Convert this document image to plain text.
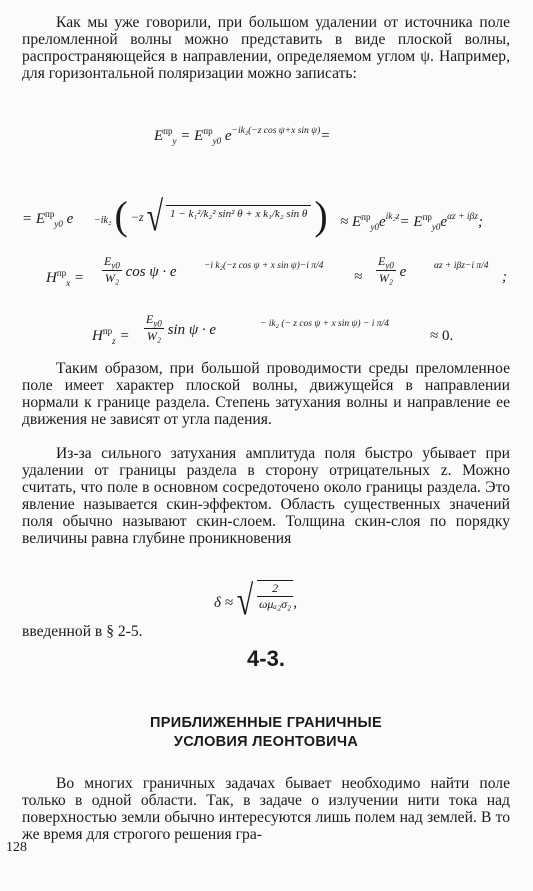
Как мы уже говорили, при большом удалении от источника поле преломленной волны можно представить в виде плоской волны, распространяющейся в направлении, определяемом углом ψ. Например, для горизонтальной поляризации можно записать:

$E^{пр}_y = E^{пр}_{y0}$ $e^{-ik_2(-z cos \psi+x sin \psi)}=$
= $E^{пр}_{y0}$ e $_{-ik_2}$ ( −z √ 1 − k₁²/k₂² sin² θ + x k₁/k₂ sin θ ) ≈ $E^{пр}_{y0}e^{ik_2z}= E^{пр}_{y0}e^{\alpha z + i\beta z}$;
$H^{пр}_x = \frac{E_{y0}}{\text{W₂}}$ cos ψ · e	−i k₂(−z cos ψ + x sin ψ)−i π/4
≈ $\frac{E_{y0}}{\text{W₂}}$ e	αz + iβz−i π/4
;
$H^{пр}_z = \frac{E_{y0}}{\text{W₂}}$ sin ψ · e	− ik₂ (− z cos ψ + x sin ψ) − i π/4
≈ 0.

Таким образом, при большой проводимости среды преломленное поле имеет характер плоской волны, движущейся в направлении нормали к границе раздела. Степень затухания волны и направление ее движения не зависят от угла падения.

Из-за сильного затухания амплитуда поля быстро убывает при удалении от границы раздела в сторону отрицательных z. Можно считать, что поле в основном сосредоточено около границы раздела. Это явление называется скин-эффектом. Область существенных значений поля обычно называют скин-слоем. Толщина скин-слоя по порядку величины равна глубине проникновения

δ ≈ √ $\frac{2}{\text{ωμₐ₂σ₂}}$ ,

введенной в § 2-5.

4-3.
ПРИБЛИЖЕННЫЕ ГРАНИЧНЫЕ
УСЛОВИЯ ЛЕОНТОВИЧА

Во многих граничных задачах бывает необходимо найти поле только в одной области. Так, в задаче о излучении нити тока над поверхностью земли обычно интересуются лишь полем над землей. В то же время для строгого решения гра-

128
